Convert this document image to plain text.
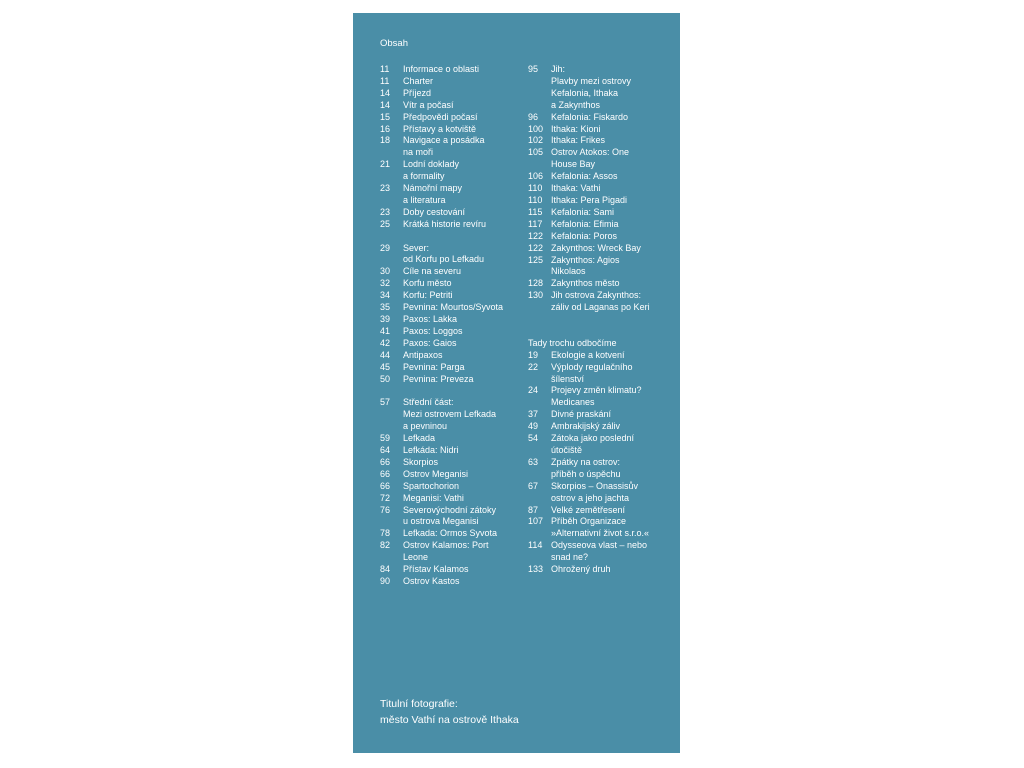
Obsah
11	Informace o oblasti
11	Charter
14	Příjezd
14	Vítr a počasí
15	Předpovědi počasí
16	Přístavy a kotviště
18	Navigace a posádka
na moři
21	Lodní doklady
a formality
23	Námořní mapy
a literatura
23	Doby cestování
25	Krátká historie revíru
29	Sever:
od Korfu po Lefkadu
30	Cíle na severu
32	Korfu město
34	Korfu: Petriti
35	Pevnina: Mourtos/Syvota
39	Paxos: Lakka
41	Paxos: Loggos
42	Paxos: Gaios
44	Antipaxos
45	Pevnina: Parga
50	Pevnina: Preveza
57	Střední část:
Mezi ostrovem Lefkada
a pevninou
59	Lefkada
64	Lefkáda: Nidri
66	Skorpios
66	Ostrov Meganisi
66	Spartochorion
72	Meganisi: Vathi
76	Severovýchodní zátoky
u ostrova Meganisi
78	Lefkada: Ormos Syvota
82	Ostrov Kalamos: Port
Leone
84	Přístav Kalamos
90	Ostrov Kastos
95	Jih:
Plavby mezi ostrovy
Kefalonia, Ithaka
a Zakynthos
96	Kefalonia: Fiskardo
100 Ithaka: Kioni
102 Ithaka: Frikes
105 Ostrov Atokos: One
House Bay
106 Kefalonia: Assos
110 Ithaka: Vathi
110 Ithaka: Pera Pigadi
115 Kefalonia: Sami
117 Kefalonia: Efimia
122 Kefalonia: Poros
122 Zakynthos: Wreck Bay
125 Zakynthos: Agios
Nikolaos
128 Zakynthos město
130 Jih ostrova Zakynthos:
záliv od Laganas po Keri
Tady trochu odbočíme
19	Ekologie a kotvení
22	Výplody regulačního
šílenství
24	Projevy změn klimatu?
Medicanes
37	Divné praskání
49	Ambrakijský záliv
54	Zátoka jako poslední
útočiště
63	Zpátky na ostrov:
příběh o úspěchu
67	Skorpios – Onassisův
ostrov a jeho jachta
87	Velké zemětřesení
107 Příběh Organizace
»Alternativní život s.r.o.«
114 Odysseova vlast – nebo
snad ne?
133 Ohrožený druh
Titulní fotografie:
město Vathí na ostrově Ithaka
